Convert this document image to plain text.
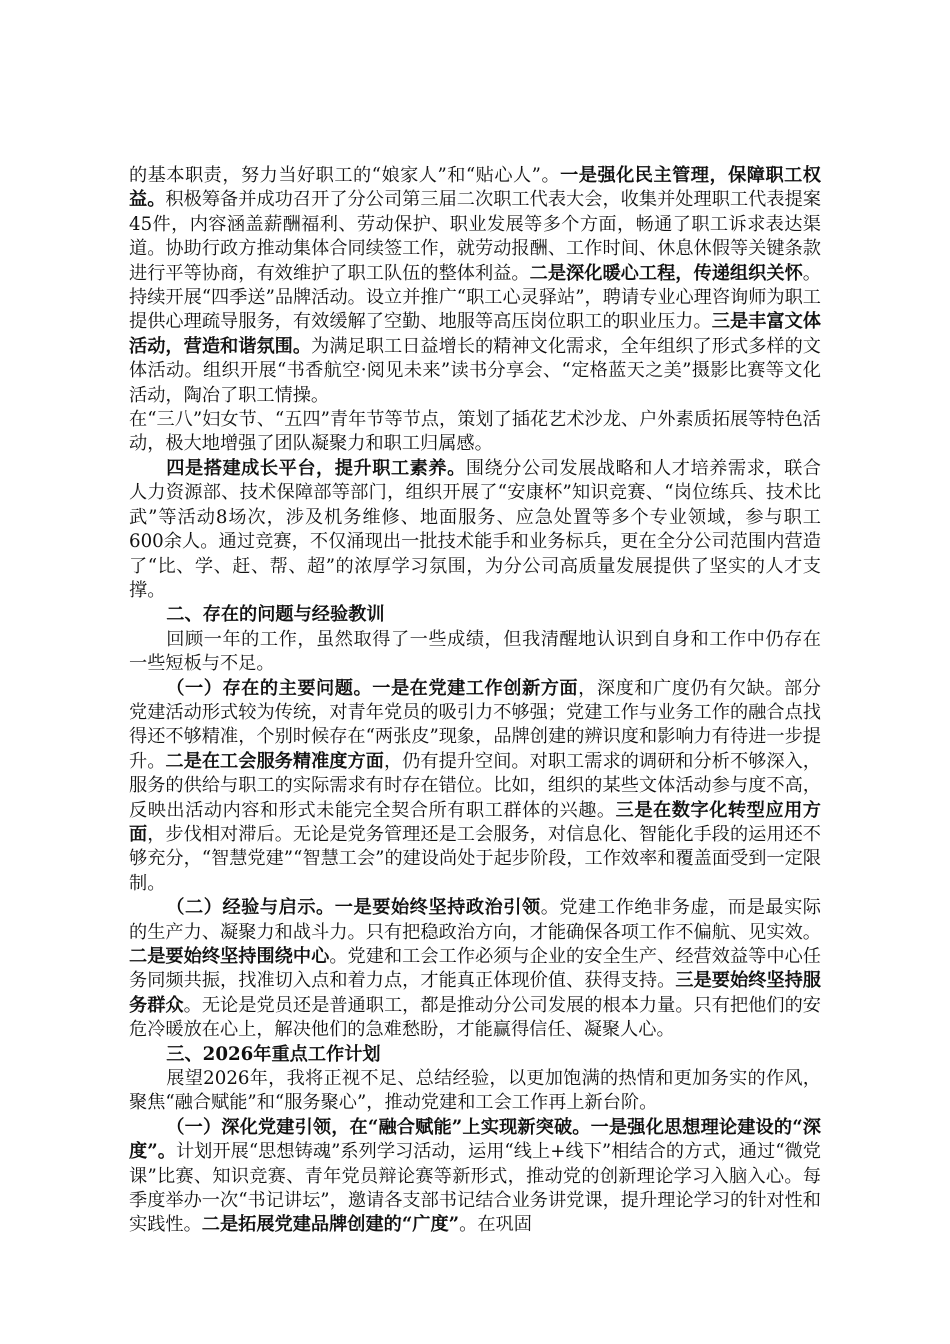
的基本职责，努力当好职工的“娘家人”和“贴心人”。一是强化民主管理，保障职工权益。积极筹备并成功召开了分公司第三届二次职工代表大会，收集并处理职工代表提案45件，内容涵盖薪酬福利、劳动保护、职业发展等多个方面，畅通了职工诉求表达渠道。协助行政方推动集体合同续签工作，就劳动报酬、工作时间、休息休假等关键条款进行平等协商，有效维护了职工队伍的整体利益。二是深化暖心工程，传递组织关怀。持续开展“四季送”品牌活动。设立并推广“职工心灵驿站”，聘请专业心理咨询师为职工提供心理疏导服务，有效缓解了空勤、地服等高压岗位职工的职业压力。三是丰富文体活动，营造和谐氛围。为满足职工日益增长的精神文化需求，全年组织了形式多样的文体活动。组织开展“书香航空·阅见未来”读书分享会、“定格蓝天之美”摄影比赛等文化活动，陶冶了职工情操。

在“三八”妇女节、“五四”青年节等节点，策划了插花艺术沙龙、户外素质拓展等特色活动，极大地增强了团队凝聚力和职工归属感。

四是搭建成长平台，提升职工素养。围绕分公司发展战略和人才培养需求，联合人力资源部、技术保障部等部门，组织开展了“安康杯”知识竞赛、“岗位练兵、技术比武”等活动8场次，涉及机务维修、地面服务、应急处置等多个专业领域，参与职工600余人。通过竞赛，不仅涌现出一批技术能手和业务标兵，更在全分公司范围内营造了“比、学、赶、帮、超”的浓厚学习氛围，为分公司高质量发展提供了坚实的人才支撑。

二、存在的问题与经验教训

回顾一年的工作，虽然取得了一些成绩，但我清醒地认识到自身和工作中仍存在一些短板与不足。

（一）存在的主要问题。一是在党建工作创新方面，深度和广度仍有欠缺。部分党建活动形式较为传统，对青年党员的吸引力不够强；党建工作与业务工作的融合点找得还不够精准，个别时候存在“两张皮”现象，品牌创建的辨识度和影响力有待进一步提升。二是在工会服务精准度方面，仍有提升空间。对职工需求的调研和分析不够深入，服务的供给与职工的实际需求有时存在错位。比如，组织的某些文体活动参与度不高，反映出活动内容和形式未能完全契合所有职工群体的兴趣。三是在数字化转型应用方面，步伐相对滞后。无论是党务管理还是工会服务，对信息化、智能化手段的运用还不够充分，“智慧党建”“智慧工会”的建设尚处于起步阶段，工作效率和覆盖面受到一定限制。

（二）经验与启示。一是要始终坚持政治引领。党建工作绝非务虚，而是最实际的生产力、凝聚力和战斗力。只有把稳政治方向，才能确保各项工作不偏航、见实效。二是要始终坚持围绕中心。党建和工会工作必须与企业的安全生产、经营效益等中心任务同频共振，找准切入点和着力点，才能真正体现价值、获得支持。三是要始终坚持服务群众。无论是党员还是普通职工，都是推动分公司发展的根本力量。只有把他们的安危冷暖放在心上，解决他们的急难愁盼，才能赢得信任、凝聚人心。

三、2026年重点工作计划

展望2026年，我将正视不足、总结经验，以更加饱满的热情和更加务实的作风，聚焦“融合赋能”和“服务聚心”，推动党建和工会工作再上新台阶。

（一）深化党建引领，在“融合赋能”上实现新突破。一是强化思想理论建设的“深度”。计划开展“思想铸魂”系列学习活动，运用“线上+线下”相结合的方式，通过“微党课”比赛、知识竞赛、青年党员辩论赛等新形式，推动党的创新理论学习入脑入心。每季度举办一次“书记讲坛”，邀请各支部书记结合业务讲党课，提升理论学习的针对性和实践性。二是拓展党建品牌创建的“广度”。在巩固
